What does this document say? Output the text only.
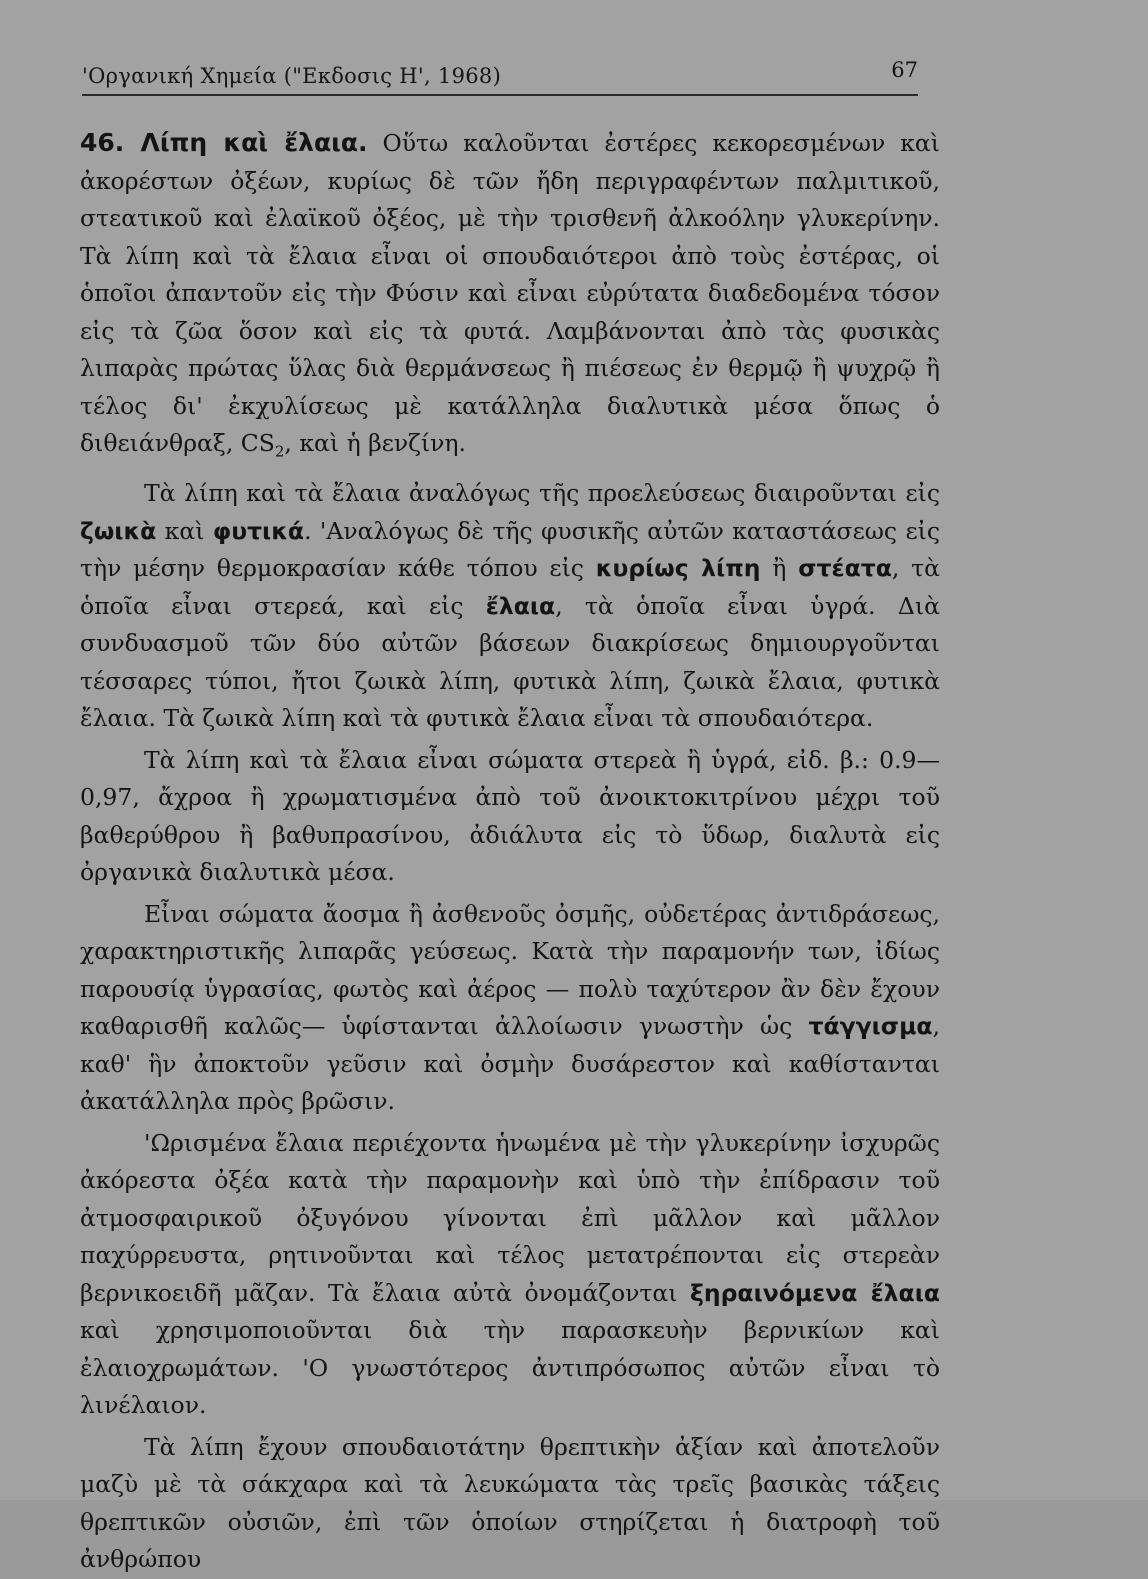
'Οργανική Χημεία ("Εκδοσις Η', 1968)	67

46. Λίπη καὶ ἔλαια. Οὕτω καλοῦνται ἐστέρες κεκορεσμένων καὶ ἀκορέστων ὀξέων, κυρίως δὲ τῶν ἤδη περιγραφέντων παλμιτικοῦ, στεατικοῦ καὶ ἐλαϊκοῦ ὀξέος, μὲ τὴν τρισθενῆ ἀλκοόλην γλυκερίνην. Τὰ λίπη καὶ τὰ ἔλαια εἶναι οἱ σπουδαιότεροι ἀπὸ τοὺς ἐστέρας, οἱ ὁποῖοι ἀπαντοῦν εἰς τὴν Φύσιν καὶ εἶναι εὐρύτατα διαδεδομένα τόσον εἰς τὰ ζῶα ὅσον καὶ εἰς τὰ φυτά. Λαμβάνονται ἀπὸ τὰς φυσικὰς λιπαρὰς πρώτας ὕλας διὰ θερμάνσεως ἢ πιέσεως ἐν θερμῷ ἢ ψυχρῷ ἢ τέλος δι' ἐκχυλίσεως μὲ κατάλληλα διαλυτικὰ μέσα ὅπως ὁ διθειάνθραξ, $CS_2$, καὶ ἡ βενζίνη.

Τὰ λίπη καὶ τὰ ἔλαια ἀναλόγως τῆς προελεύσεως διαιροῦνται εἰς ζωικὰ καὶ φυτικά. 'Αναλόγως δὲ τῆς φυσικῆς αὐτῶν καταστάσεως εἰς τὴν μέσην θερμοκρασίαν κάθε τόπου εἰς κυρίως λίπη ἢ στέατα, τὰ ὁποῖα εἶναι στερεά, καὶ εἰς ἔλαια, τὰ ὁποῖα εἶναι ὑγρά. Διὰ συνδυασμοῦ τῶν δύο αὐτῶν βάσεων διακρίσεως δημιουργοῦνται τέσσαρες τύποι, ἤτοι ζωικὰ λίπη, φυτικὰ λίπη, ζωικὰ ἔλαια, φυτικὰ ἔλαια. Τὰ ζωικὰ λίπη καὶ τὰ φυτικὰ ἔλαια εἶναι τὰ σπουδαιότερα.

Τὰ λίπη καὶ τὰ ἔλαια εἶναι σώματα στερεὰ ἢ ὑγρά, εἰδ. β.: 0.9—0,97, ἄχροα ἢ χρωματισμένα ἀπὸ τοῦ ἀνοικτοκιτρίνου μέχρι τοῦ βαθερύθρου ἢ βαθυπρασίνου, ἀδιάλυτα εἰς τὸ ὕδωρ, διαλυτὰ εἰς ὀργανικὰ διαλυτικὰ μέσα.

Εἶναι σώματα ἄοσμα ἢ ἀσθενοῦς ὀσμῆς, οὐδετέρας ἀντιδράσεως, χαρακτηριστικῆς λιπαρᾶς γεύσεως. Κατὰ τὴν παραμονήν των, ἰδίως παρουσίᾳ ὑγρασίας, φωτὸς καὶ ἀέρος — πολὺ ταχύτερον ἂν δὲν ἔχουν καθαρισθῆ καλῶς— ὑφίστανται ἀλλοίωσιν γνωστὴν ὡς τάγγισμα, καθ' ἣν ἀποκτοῦν γεῦσιν καὶ ὀσμὴν δυσάρεστον καὶ καθίστανται ἀκατάλληλα πρὸς βρῶσιν.

'Ωρισμένα ἔλαια περιέχοντα ἡνωμένα μὲ τὴν γλυκερίνην ἰσχυρῶς ἀκόρεστα ὀξέα κατὰ τὴν παραμονὴν καὶ ὑπὸ τὴν ἐπίδρασιν τοῦ ἀτμοσφαιρικοῦ ὀξυγόνου γίνονται ἐπὶ μᾶλλον καὶ μᾶλλον παχύρρευστα, ρητινοῦνται καὶ τέλος μετατρέπονται εἰς στερεὰν βερνικοειδῆ μᾶζαν. Τὰ ἔλαια αὐτὰ ὀνομάζονται ξηραινόμενα ἔλαια καὶ χρησιμοποιοῦνται διὰ τὴν παρασκευὴν βερνικίων καὶ ἐλαιοχρωμάτων. 'Ο γνωστότερος ἀντιπρόσωπος αὐτῶν εἶναι τὸ λινέλαιον.

Τὰ λίπη ἔχουν σπουδαιοτάτην θρεπτικὴν ἀξίαν καὶ ἀποτελοῦν μαζὺ μὲ τὰ σάκχαρα καὶ τὰ λευκώματα τὰς τρεῖς βασικὰς τάξεις θρεπτικῶν οὐσιῶν, ἐπὶ τῶν ὁποίων στηρίζεται ἡ διατροφὴ τοῦ ἀνθρώπου
